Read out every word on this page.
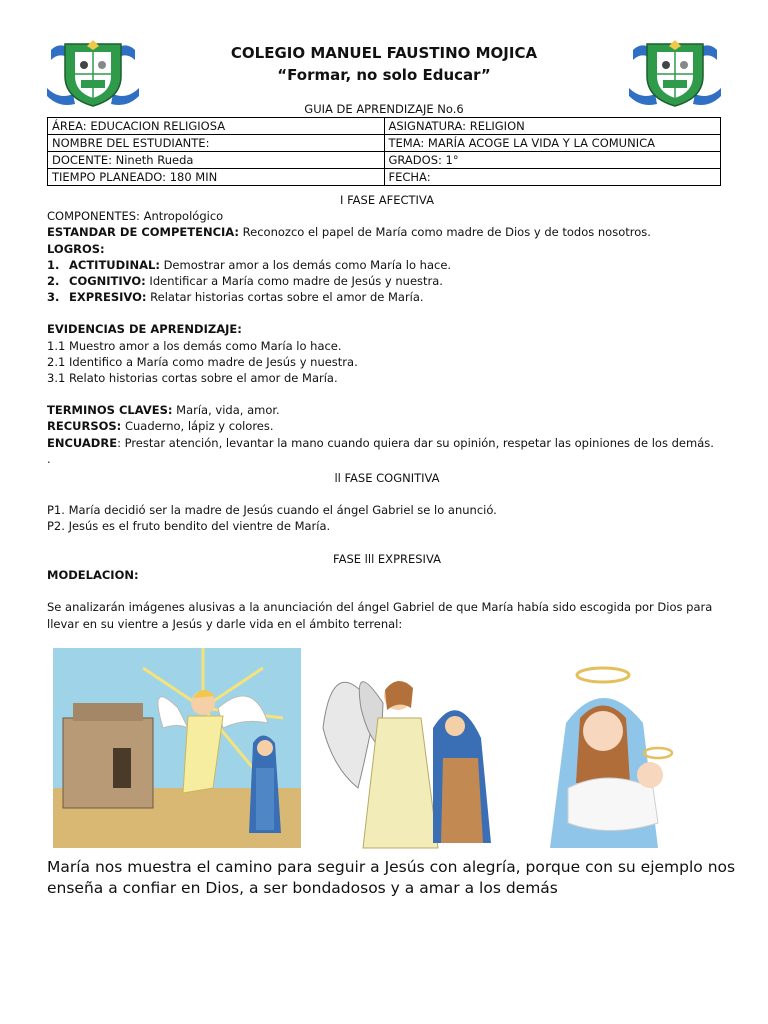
COLEGIO MANUEL FAUSTINO MOJICA
“Formar, no solo Educar”
GUIA DE APRENDIZAJE No.6
ÁREA: EDUCACION RELIGIOSA	ASIGNATURA: RELIGION
NOMBRE DEL ESTUDIANTE:	TEMA: MARÍA ACOGE LA VIDA Y LA COMUNICA
DOCENTE: Nineth Rueda	GRADOS: 1°
TIEMPO PLANEADO: 180 MIN	FECHA:
I FASE AFECTIVA
COMPONENTES: Antropológico
ESTANDAR DE COMPETENCIA: Reconozco el papel de María como madre de Dios y de todos nosotros.
LOGROS:
1. ACTITUDINAL: Demostrar amor a los demás como María lo hace.
2. COGNITIVO: Identificar a María como madre de Jesús y nuestra.
3. EXPRESIVO: Relatar historias cortas sobre el amor de María.
EVIDENCIAS DE APRENDIZAJE:
1.1 Muestro amor a los demás como María lo hace.
2.1 Identifico a María como madre de Jesús y nuestra.
3.1 Relato historias cortas sobre el amor de María.
TERMINOS CLAVES: María, vida, amor.
RECURSOS: Cuaderno, lápiz y colores.
ENCUADRE: Prestar atención, levantar la mano cuando quiera dar su opinión, respetar las opiniones de los demás.
.
ll FASE COGNITIVA
P1. María decidió ser la madre de Jesús cuando el ángel Gabriel se lo anunció.
P2. Jesús es el fruto bendito del vientre de María.
FASE lll EXPRESIVA
MODELACION:
Se analizarán imágenes alusivas a la anunciación del ángel Gabriel de que María había sido escogida por Dios para llevar en su vientre a Jesús y darle vida en el ámbito terrenal:
María nos muestra el camino para seguir a Jesús con alegría, porque con su ejemplo nos enseña a confiar en Dios, a ser bondadosos y a amar a los demás
